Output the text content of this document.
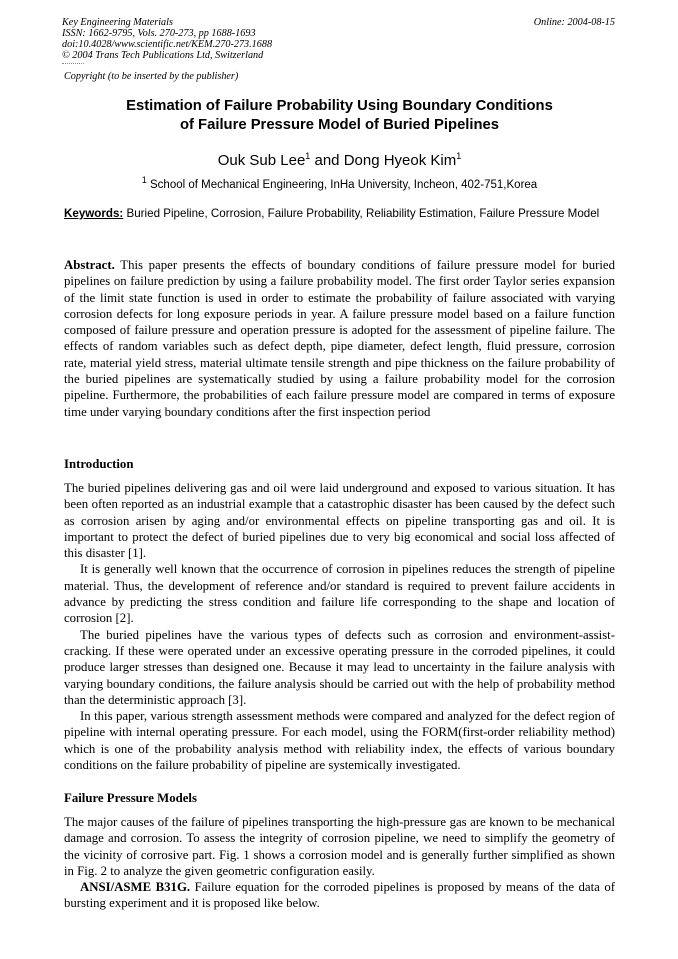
Key Engineering Materials
ISSN: 1662-9795, Vols. 270-273, pp 1688-1693
doi:10.4028/www.scientific.net/KEM.270-273.1688
© 2004 Trans Tech Publications Ltd, Switzerland
Online: 2004-08-15
Copyright (to be inserted by the publisher)
Estimation of Failure Probability Using Boundary Conditions
of Failure Pressure Model of Buried Pipelines
Ouk Sub Lee$^1$ and Dong Hyeok Kim$^1$
$^1$ School of Mechanical Engineering, InHa University, Incheon, 402-751,Korea
Keywords: Buried Pipeline, Corrosion, Failure Probability, Reliability Estimation, Failure Pressure Model
Abstract. This paper presents the effects of boundary conditions of failure pressure model for buried pipelines on failure prediction by using a failure probability model. The first order Taylor series expansion of the limit state function is used in order to estimate the probability of failure associated with varying corrosion defects for long exposure periods in year. A failure pressure model based on a failure function composed of failure pressure and operation pressure is adopted for the assessment of pipeline failure. The effects of random variables such as defect depth, pipe diameter, defect length, fluid pressure, corrosion rate, material yield stress, material ultimate tensile strength and pipe thickness on the failure probability of the buried pipelines are systematically studied by using a failure probability model for the corrosion pipeline. Furthermore, the probabilities of each failure pressure model are compared in terms of exposure time under varying boundary conditions after the first inspection period
Introduction

The buried pipelines delivering gas and oil were laid underground and exposed to various situation. It has been often reported as an industrial example that a catastrophic disaster has been caused by the defect such as corrosion arisen by aging and/or environmental effects on pipeline transporting gas and oil. It is important to protect the defect of buried pipelines due to very big economical and social loss affected of this disaster [1].

It is generally well known that the occurrence of corrosion in pipelines reduces the strength of pipeline material. Thus, the development of reference and/or standard is required to prevent failure accidents in advance by predicting the stress condition and failure life corresponding to the shape and location of corrosion [2].

The buried pipelines have the various types of defects such as corrosion and environment-assist-cracking. If these were operated under an excessive operating pressure in the corroded pipelines, it could produce larger stresses than designed one. Because it may lead to uncertainty in the failure analysis with varying boundary conditions, the failure analysis should be carried out with the help of probability method than the deterministic approach [3].

In this paper, various strength assessment methods were compared and analyzed for the defect region of pipeline with internal operating pressure. For each model, using the FORM(first-order reliability method) which is one of the probability analysis method with reliability index, the effects of various boundary conditions on the failure probability of pipeline are systemically investigated.

Failure Pressure Models

The major causes of the failure of pipelines transporting the high-pressure gas are known to be mechanical damage and corrosion. To assess the integrity of corrosion pipeline, we need to simplify the geometry of the vicinity of corrosive part. Fig. 1 shows a corrosion model and is generally further simplified as shown in Fig. 2 to analyze the given geometric configuration easily.

ANSI/ASME B31G. Failure equation for the corroded pipelines is proposed by means of the data of bursting experiment and it is proposed like below.
